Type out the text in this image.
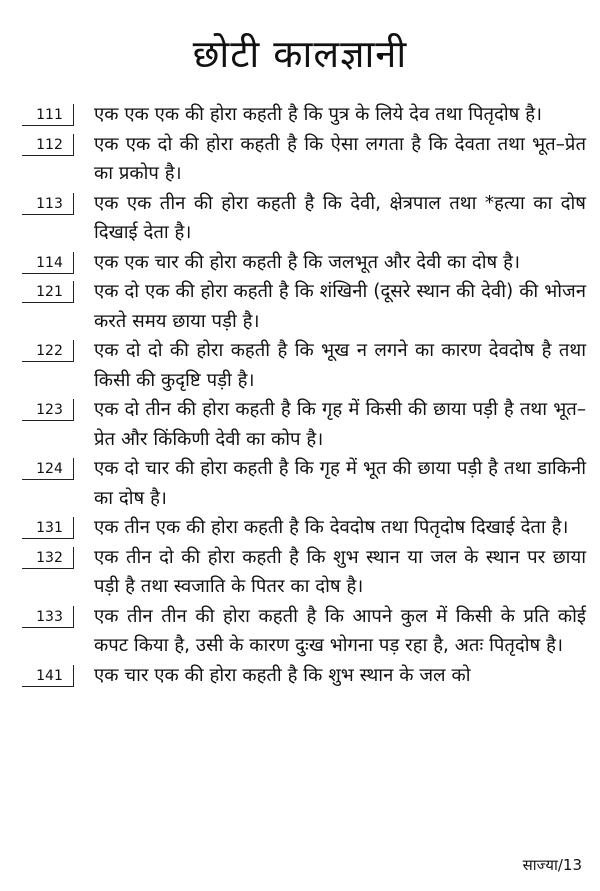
छोटी कालज्ञानी
111	एक एक एक की होरा कहती है कि पुत्र के लिये देव तथा पितृदोष है।
112	एक एक दो की होरा कहती है कि ऐसा लगता है कि देवता तथा भूत–प्रेत का प्रकोप है।
113	एक एक तीन की होरा कहती है कि देवी, क्षेत्रपाल तथा *हत्या का दोष दिखाई देता है।
114	एक एक चार की होरा कहती है कि जलभूत और देवी का दोष है।
121	एक दो एक की होरा कहती है कि शंखिनी (दूसरे स्थान की देवी) की भोजन करते समय छाया पड़ी है।
122	एक दो दो की होरा कहती है कि भूख न लगने का कारण देवदोष है तथा किसी की कुदृष्टि पड़ी है।
123	एक दो तीन की होरा कहती है कि गृह में किसी की छाया पड़ी है तथा भूत–प्रेत और किंकिणी देवी का कोप है।
124	एक दो चार की होरा कहती है कि गृह में भूत की छाया पड़ी है तथा डाकिनी का दोष है।
131	एक तीन एक की होरा कहती है कि देवदोष तथा पितृदोष दिखाई देता है।
132	एक तीन दो की होरा कहती है कि शुभ स्थान या जल के स्थान पर छाया पड़ी है तथा स्वजाति के पितर का दोष है।
133	एक तीन तीन की होरा कहती है कि आपने कुल में किसी के प्रति कोई कपट किया है, उसी के कारण दुःख भोगना पड़ रहा है, अतः पितृदोष है।
141	एक चार एक की होरा कहती है कि शुभ स्थान के जल को
साज्या/13
